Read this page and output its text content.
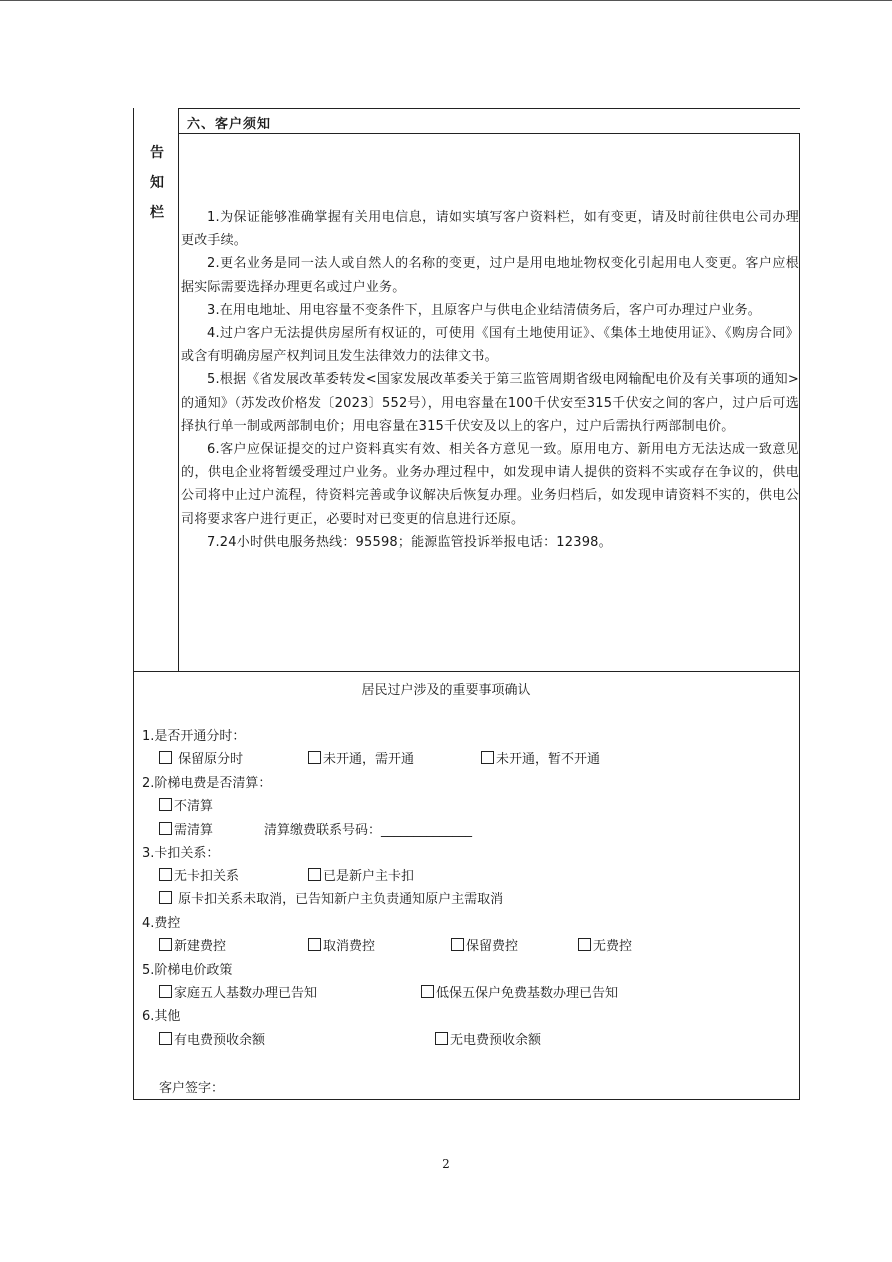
告
知
栏
六、客户须知

1.为保证能够准确掌握有关用电信息，请如实填写客户资料栏，如有变更，请及时前往供电公司办理更改手续。

2.更名业务是同一法人或自然人的名称的变更，过户是用电地址物权变化引起用电人变更。客户应根据实际需要选择办理更名或过户业务。

3.在用电地址、用电容量不变条件下，且原客户与供电企业结清债务后，客户可办理过户业务。

4.过户客户无法提供房屋所有权证的，可使用《国有土地使用证》、《集体土地使用证》、《购房合同》或含有明确房屋产权判词且发生法律效力的法律文书。

5.根据《省发展改革委转发<国家发展改革委关于第三监管周期省级电网输配电价及有关事项的通知>的通知》（苏发改价格发〔2023〕552号），用电容量在100千伏安至315千伏安之间的客户，过户后可选择执行单一制或两部制电价；用电容量在315千伏安及以上的客户，过户后需执行两部制电价。

6.客户应保证提交的过户资料真实有效、相关各方意见一致。原用电方、新用电方无法达成一致意见的，供电企业将暂缓受理过户业务。业务办理过程中，如发现申请人提供的资料不实或存在争议的，供电公司将中止过户流程，待资料完善或争议解决后恢复办理。业务归档后，如发现申请资料不实的，供电公司将要求客户进行更正，必要时对已变更的信息进行还原。

7.24小时供电服务热线：95598；能源监管投诉举报电话：12398。

居民过户涉及的重要事项确认
1.是否开通分时：
保留原分时	未开通，需开通	未开通，暂不开通
2.阶梯电费是否清算：
不清算
需清算	清算缴费联系号码：______________
3.卡扣关系：
无卡扣关系	已是新户主卡扣
原卡扣关系未取消，已告知新户主负责通知原户主需取消
4.费控
新建费控	取消费控	保留费控	无费控
5.阶梯电价政策
家庭五人基数办理已告知	低保五保户免费基数办理已告知
6.其他
有电费预收余额	无电费预收余额
客户签字：
2
